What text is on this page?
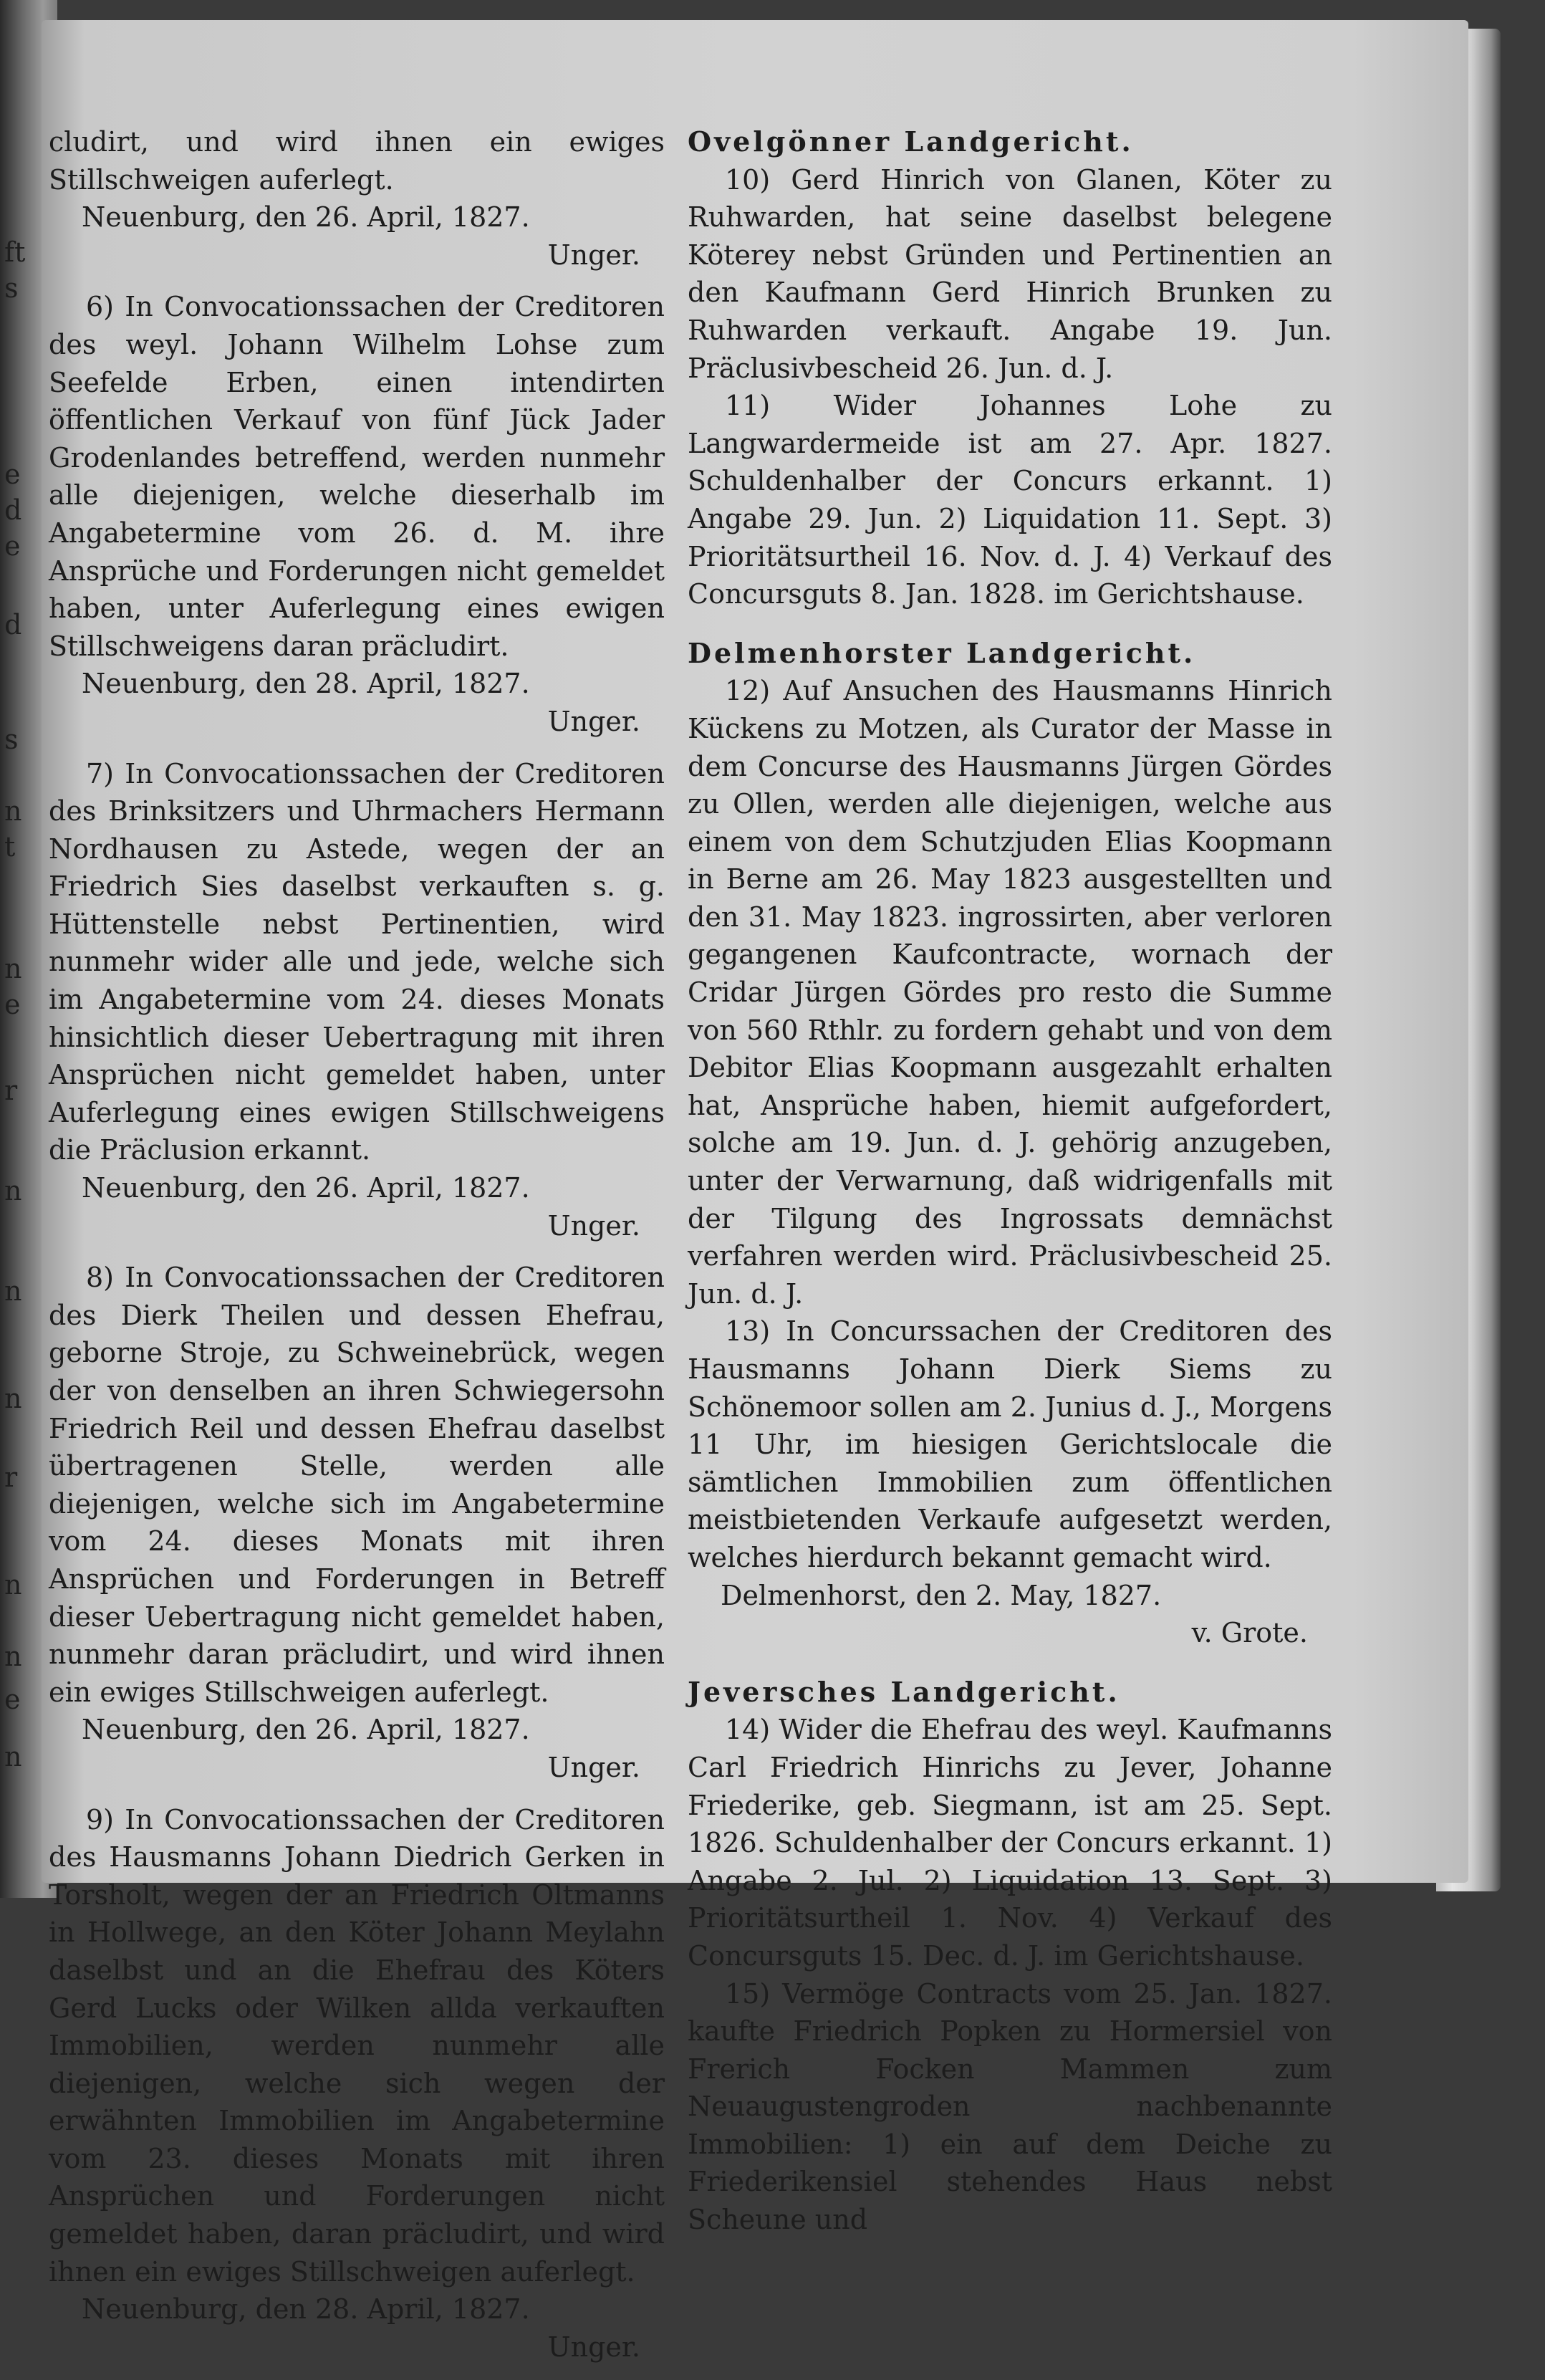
ft
s
e
d
e
d
s
n
t
n
e
r
n
n
n
r
n
n
e
n

cludirt, und wird ihnen ein ewiges Stillschweigen auferlegt.

Neuenburg, den 26. April, 1827.

Unger.

6) In Convocationssachen der Creditoren des weyl. Johann Wilhelm Lohse zum Seefelde Erben, einen intendirten öffentlichen Verkauf von fünf Jück Jader Grodenlandes betreffend, werden nunmehr alle diejenigen, welche dieserhalb im Angabetermine vom 26. d. M. ihre Ansprüche und Forderungen nicht gemeldet haben, unter Auferlegung eines ewigen Stillschweigens daran präcludirt.

Neuenburg, den 28. April, 1827.

Unger.

7) In Convocationssachen der Creditoren des Brinksitzers und Uhrmachers Hermann Nordhausen zu Astede, wegen der an Friedrich Sies daselbst verkauften s. g. Hüttenstelle nebst Pertinentien, wird nunmehr wider alle und jede, welche sich im Angabetermine vom 24. dieses Monats hinsichtlich dieser Uebertragung mit ihren Ansprüchen nicht gemeldet haben, unter Auferlegung eines ewigen Stillschweigens die Präclusion erkannt.

Neuenburg, den 26. April, 1827.

Unger.

8) In Convocationssachen der Creditoren des Dierk Theilen und dessen Ehefrau, geborne Stroje, zu Schweinebrück, wegen der von denselben an ihren Schwiegersohn Friedrich Reil und dessen Ehefrau daselbst übertragenen Stelle, werden alle diejenigen, welche sich im Angabetermine vom 24. dieses Monats mit ihren Ansprüchen und Forderungen in Betreff dieser Uebertragung nicht gemeldet haben, nunmehr daran präcludirt, und wird ihnen ein ewiges Stillschweigen auferlegt.

Neuenburg, den 26. April, 1827.

Unger.

9) In Convocationssachen der Creditoren des Hausmanns Johann Diedrich Gerken in Torsholt, wegen der an Friedrich Oltmanns in Hollwege, an den Köter Johann Meylahn daselbst und an die Ehefrau des Köters Gerd Lucks oder Wilken allda verkauften Immobilien, werden nunmehr alle diejenigen, welche sich wegen der erwähnten Immobilien im Angabetermine vom 23. dieses Monats mit ihren Ansprüchen und Forderungen nicht gemeldet haben, daran präcludirt, und wird ihnen ein ewiges Stillschweigen auferlegt.

Neuenburg, den 28. April, 1827.

Unger.

Ovelgönner Landgericht.

10) Gerd Hinrich von Glanen, Köter zu Ruhwarden, hat seine daselbst belegene Köterey nebst Gründen und Pertinentien an den Kaufmann Gerd Hinrich Brunken zu Ruhwarden verkauft. Angabe 19. Jun. Präclusivbescheid 26. Jun. d. J.

11) Wider Johannes Lohe zu Langwardermeide ist am 27. Apr. 1827. Schuldenhalber der Concurs erkannt. 1) Angabe 29. Jun. 2) Liquidation 11. Sept. 3) Prioritätsurtheil 16. Nov. d. J. 4) Verkauf des Concursguts 8. Jan. 1828. im Gerichtshause.

Delmenhorster Landgericht.

12) Auf Ansuchen des Hausmanns Hinrich Kückens zu Motzen, als Curator der Masse in dem Concurse des Hausmanns Jürgen Gördes zu Ollen, werden alle diejenigen, welche aus einem von dem Schutzjuden Elias Koopmann in Berne am 26. May 1823 ausgestellten und den 31. May 1823. ingrossirten, aber verloren gegangenen Kaufcontracte, wornach der Cridar Jürgen Gördes pro resto die Summe von 560 Rthlr. zu fordern gehabt und von dem Debitor Elias Koopmann ausgezahlt erhalten hat, Ansprüche haben, hiemit aufgefordert, solche am 19. Jun. d. J. gehörig anzugeben, unter der Verwarnung, daß widrigenfalls mit der Tilgung des Ingrossats demnächst verfahren werden wird. Präclusivbescheid 25. Jun. d. J.

13) In Concurssachen der Creditoren des Hausmanns Johann Dierk Siems zu Schönemoor sollen am 2. Junius d. J., Morgens 11 Uhr, im hiesigen Gerichtslocale die sämtlichen Immobilien zum öffentlichen meistbietenden Verkaufe aufgesetzt werden, welches hierdurch bekannt gemacht wird.

Delmenhorst, den 2. May, 1827.

v. Grote.

Jeversches Landgericht.

14) Wider die Ehefrau des weyl. Kaufmanns Carl Friedrich Hinrichs zu Jever, Johanne Friederike, geb. Siegmann, ist am 25. Sept. 1826. Schuldenhalber der Concurs erkannt. 1) Angabe 2. Jul. 2) Liquidation 13. Sept. 3) Prioritätsurtheil 1. Nov. 4) Verkauf des Concursguts 15. Dec. d. J. im Gerichtshause.

15) Vermöge Contracts vom 25. Jan. 1827. kaufte Friedrich Popken zu Hormersiel von Frerich Focken Mammen zum Neuaugustengroden nachbenannte Immobilien: 1) ein auf dem Deiche zu Friederikensiel stehendes Haus nebst Scheune und
